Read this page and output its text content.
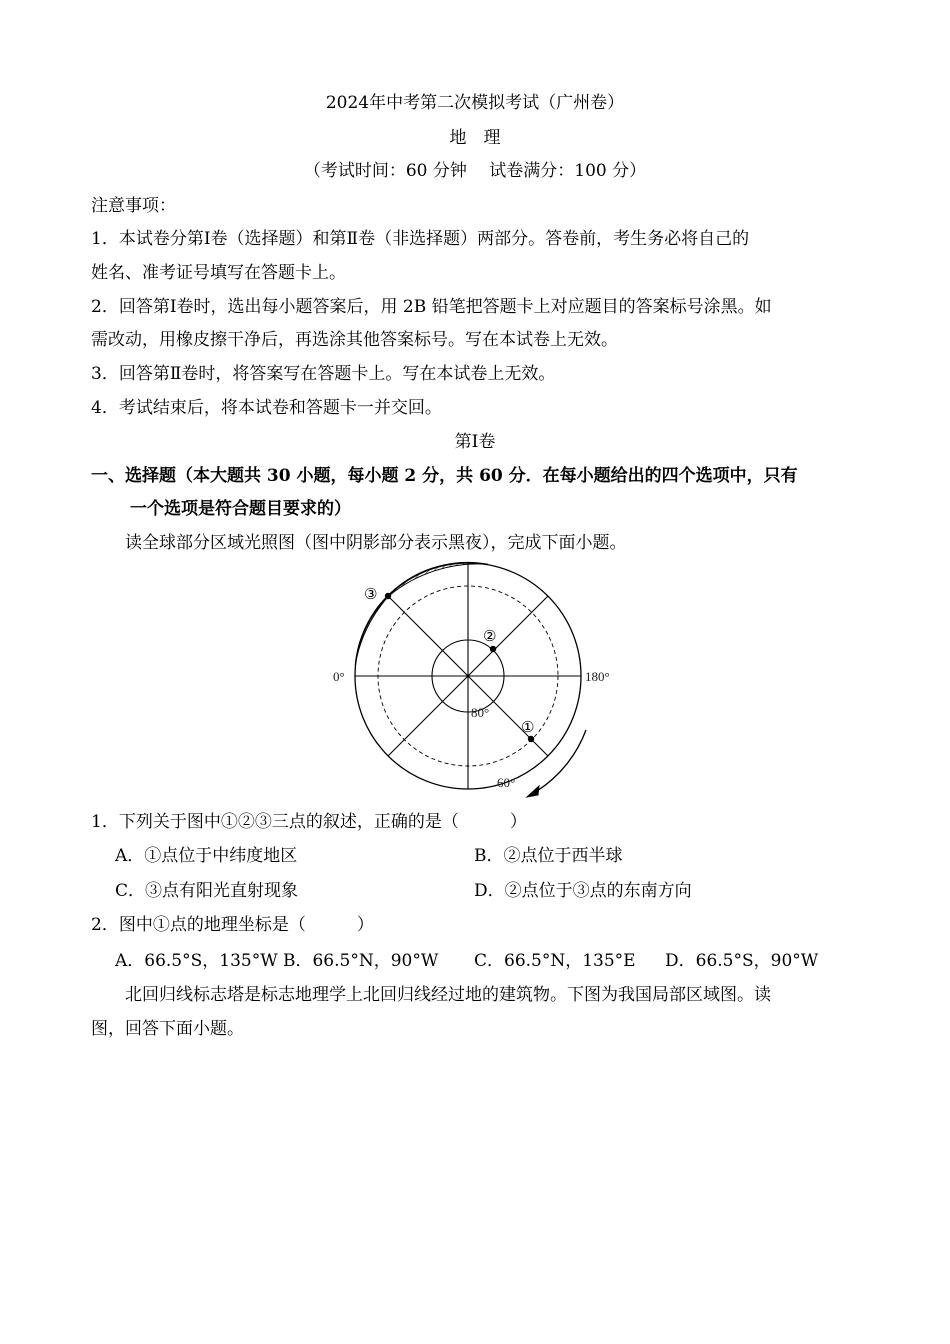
2024年中考第二次模拟考试（广州卷）
地　理
（考试时间：60 分钟　 试卷满分：100 分）
注意事项：
1．本试卷分第Ⅰ卷（选择题）和第Ⅱ卷（非选择题）两部分。答卷前，考生务必将自己的
姓名、准考证号填写在答题卡上。
2．回答第Ⅰ卷时，选出每小题答案后，用 2B 铅笔把答题卡上对应题目的答案标号涂黑。如
需改动，用橡皮擦干净后，再选涂其他答案标号。写在本试卷上无效。
3．回答第Ⅱ卷时，将答案写在答题卡上。写在本试卷上无效。
4．考试结束后，将本试卷和答题卡一并交回。
第Ⅰ卷
一、选择题（本大题共 30 小题，每小题 2 分，共 60 分．在每小题给出的四个选项中，只有
一个选项是符合题目要求的）
读全球部分区域光照图（图中阴影部分表示黑夜），完成下面小题。
0°	180°
80°
60°
①
②
③
1．下列关于图中①②③三点的叙述，正确的是（　　　）
A．①点位于中纬度地区	B．②点位于西半球
C．③点有阳光直射现象	D．②点位于③点的东南方向
2．图中①点的地理坐标是（　　　）
A．66.5°S，135°W B．66.5°N，90°W C．66.5°N，135°E D．66.5°S，90°W
北回归线标志塔是标志地理学上北回归线经过地的建筑物。下图为我国局部区域图。读
图，回答下面小题。
